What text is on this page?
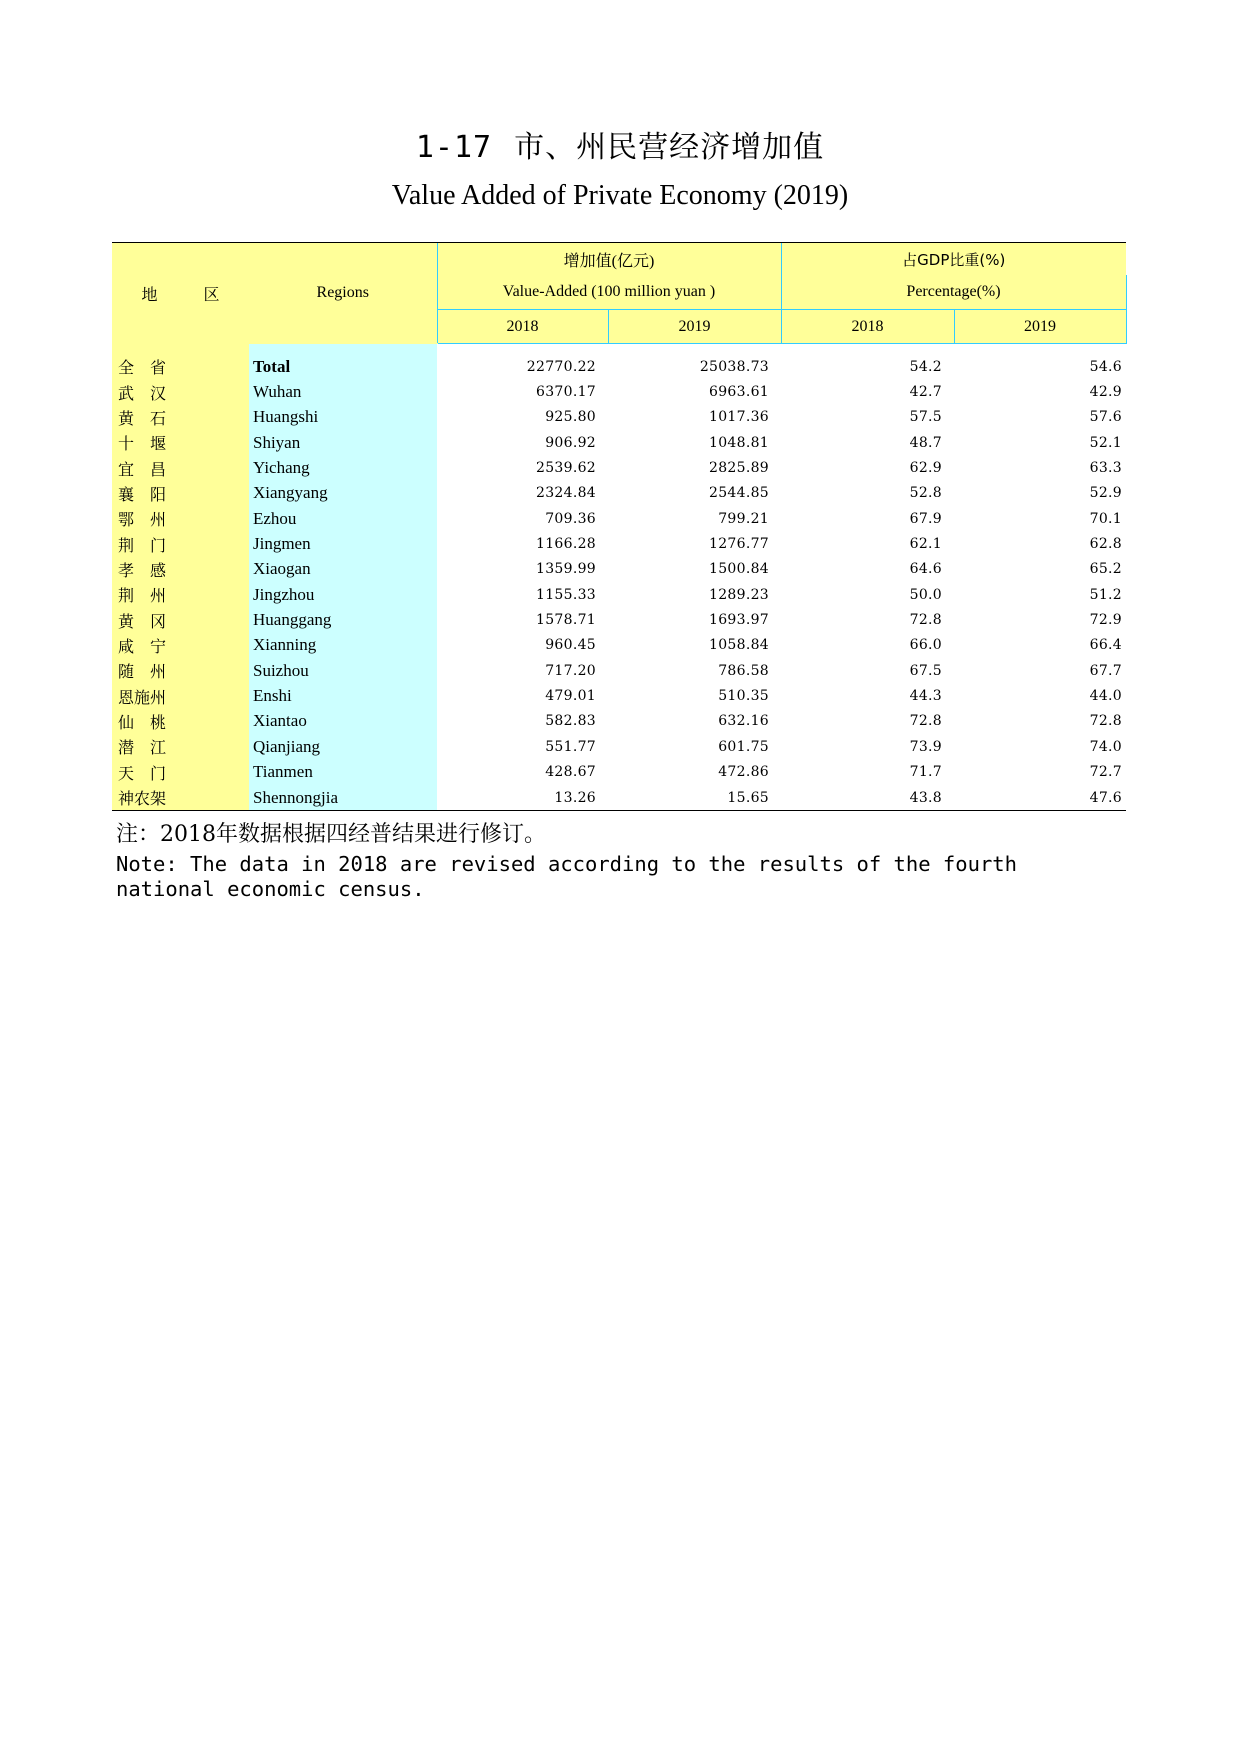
1-17 市、州民营经济增加值
Value Added of Private Economy (2019)
地 区	Regions	增加值(亿元)		占GDP比重(%)	
		Value-Added (100 million yuan )		Percentage(%)	
		2018	2019	2018	2019

全　省	Total	22770.22	25038.73	54.2	54.6
武　汉	Wuhan	6370.17	6963.61	42.7	42.9
黄　石	Huangshi	925.80	1017.36	57.5	57.6
十　堰	Shiyan	906.92	1048.81	48.7	52.1
宜　昌	Yichang	2539.62	2825.89	62.9	63.3
襄　阳	Xiangyang	2324.84	2544.85	52.8	52.9
鄂　州	Ezhou	709.36	799.21	67.9	70.1
荆　门	Jingmen	1166.28	1276.77	62.1	62.8
孝　感	Xiaogan	1359.99	1500.84	64.6	65.2
荆　州	Jingzhou	1155.33	1289.23	50.0	51.2
黄　冈	Huanggang	1578.71	1693.97	72.8	72.9
咸　宁	Xianning	960.45	1058.84	66.0	66.4
随　州	Suizhou	717.20	786.58	67.5	67.7
恩施州	Enshi	479.01	510.35	44.3	44.0
仙　桃	Xiantao	582.83	632.16	72.8	72.8
潜　江	Qianjiang	551.77	601.75	73.9	74.0
天　门	Tianmen	428.67	472.86	71.7	72.7
神农架	Shennongjia	13.26	15.65	43.8	47.6
注：2018年数据根据四经普结果进行修订。
Note: The data in 2018 are revised according to the results of the fourth national economic census.
